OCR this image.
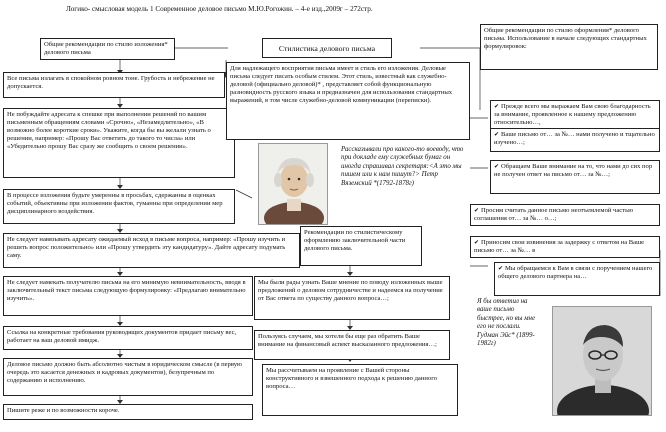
Логико- смысловая модель 1 Современное деловое письмо М.Ю.Рогожин. – 4-е изд.,2009г – 272стр.
Общие рекомендации по стилю изложения* делового письма
Все письма излагать в спокойном ровном тоне. Грубость и небрежение не допускается.
Не побуждайте адресата к спешке при выполнении решений по вашим письменным обращениям словами «Срочно», «Незамедлительно», «В возможно более короткие сроки». Укажите, когда бы вы желали узнать о решении, например: «Прошу Вас ответить до такого то числа» или «Убедительно прошу Вас сразу же сообщить о своем решении».
В процессе изложения будьте умеренны в просьбах, сдержанны в оценках событий, объективны при изложении фактов, гуманны при определении мер дисциплинарного воздействия.
Не следует навязывать адресату ожидаемый исход в письме вопроса, например: «Прошу изучить и решить вопрос положительно» или «Прошу утвердить эту кандидатуру». Дайте адресату подумать саму.
Не следует намекать получателю письма на его минимую невнимательность, вводя в заключительный текст письма следующую формулировку: «Предлагаю внимательно изучить».
Ссылка на конкретные требования руководящих документов придает письму вес, работает на ваш деловой имидж.
Деловое письмо должно быть абсолютно чистым в юридическом смысле (в первую очередь это касается денежных и кадровых документов), безупречным по содержанию и исполнению.
Пишите реже и по возможности короче.
Стилистика делового письма
Для надлежащего восприятия письма имеет и стиль его изложения. Деловые письма следует писать особым стилем. Этот стиль, известный как служебно-деловой (официально деловой)* , представляет собой функциональную разновидность русского языка и предназначен для использования стандартных выражений, в том числе служебно-деловой коммуникации (переписки).
Рассказывали про какого-то воеводу, что при докладе ему служебных бумаг он иногда спрашивал секретаря:<А это мы пишем или к нам пишут?> Петр Вяземский *(1792-1878г)
Рекомендации по стилистическому оформлению заключительной части делового письма.
Мы были рады узнать Ваше мнение по поводу изложенных выше предложений о деловом сотрудничестве и надеемся на получение от Вас ответа по существу данного вопроса…;
Пользуясь случаем, мы хотели бы еще раз обратить Ваше внимание на финансовый аспект высказанного предложения…;
Мы рассчитываем на проявление с Вашей стороны конструктивного и взвешенного подхода к решению данного вопроса…
Общие рекомендации по стилю оформления* делового письма. Использование в начале следующих стандартных формулировок:
✔ Прежде всего мы выражаем Вам свою благодарность за внимание, проявленное к нашему предложению относительно…,
✔ Ваше письмо от… за №… нами получено и тщательно изучено…;
✔ Обращаем Ваше внимание на то, что нами до сих пор не получен ответ на письмо от… за №…;
✔ Просим считать данное письмо неотъемлемой частью соглашения от… за №… о…;
✔ Приносим свои извинения за задержку с ответом на Ваше письмо от… за №… в
✔ Мы обращаемся к Вам в связи с поручением нашего общего делового партнера на…
Я бы ответил на ваше письмо быстрее, но вы мне его не послали. Гудман Эйс* (1899-1982г)
